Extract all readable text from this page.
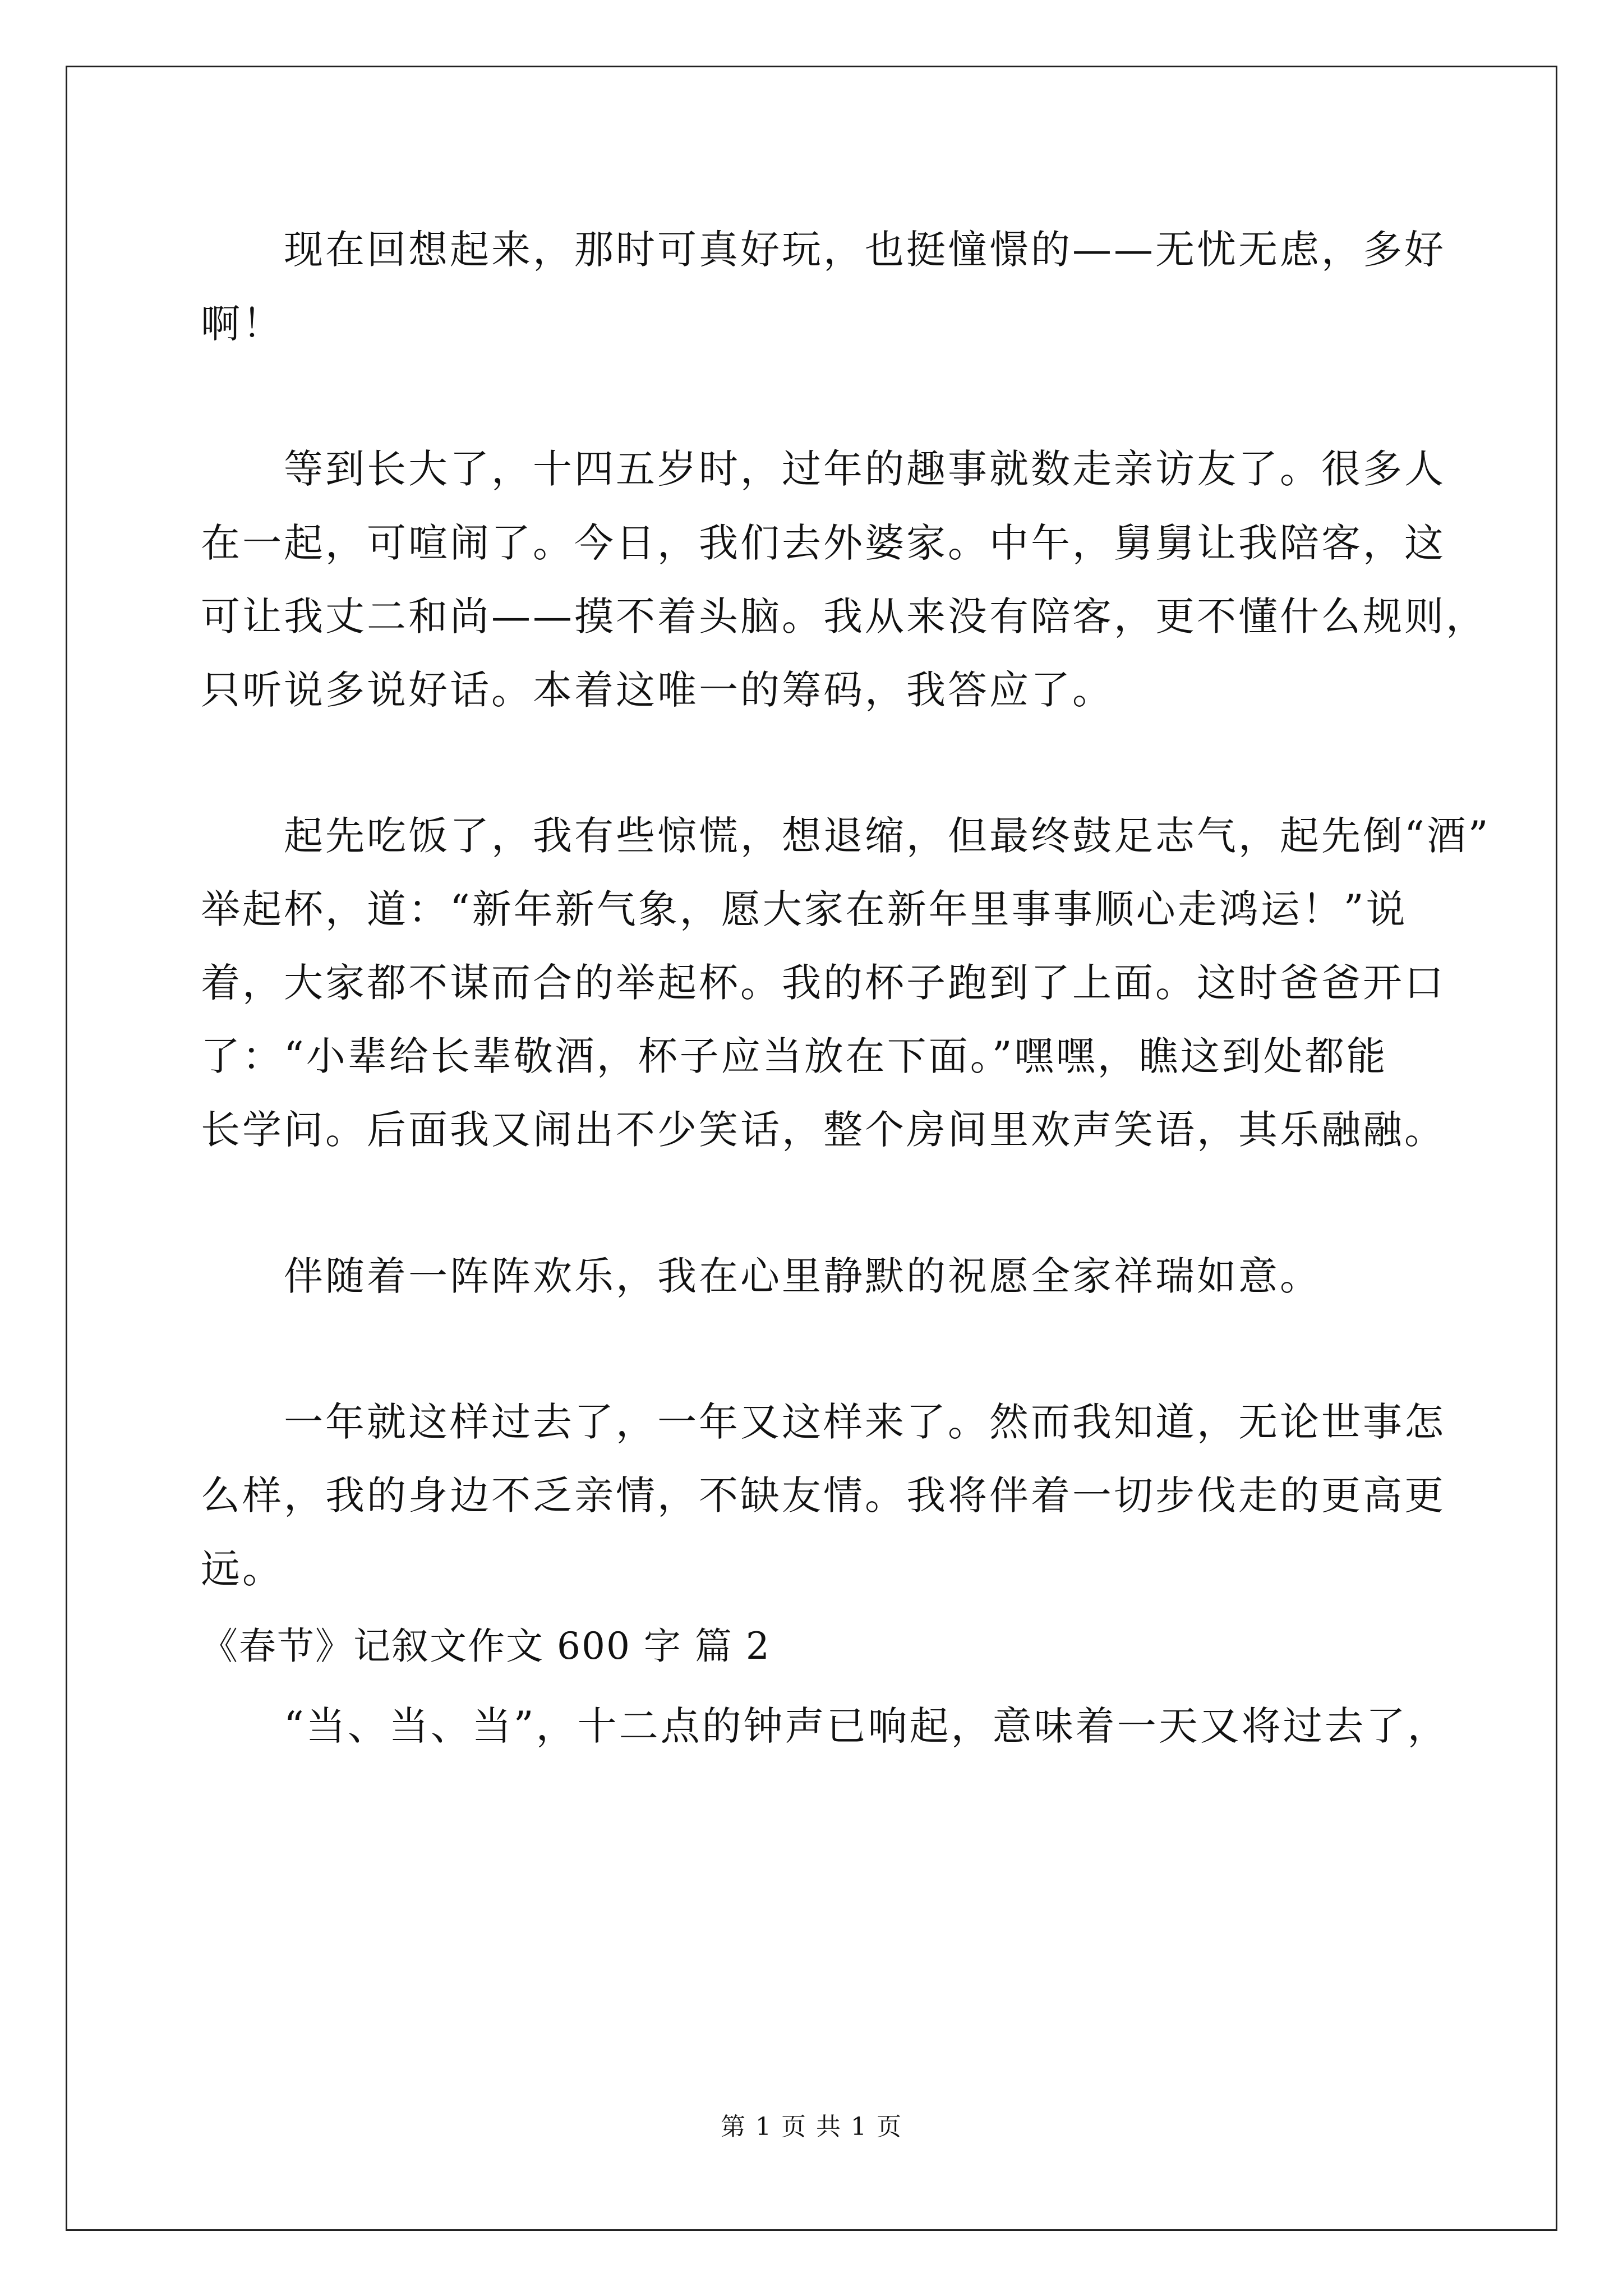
现在回想起来，那时可真好玩，也挺憧憬的——无忧无虑，多好
啊！
等到长大了，十四五岁时，过年的趣事就数走亲访友了。很多人
在一起，可喧闹了。今日，我们去外婆家。中午，舅舅让我陪客，这
可让我丈二和尚——摸不着头脑。我从来没有陪客，更不懂什么规则，
只听说多说好话。本着这唯一的筹码，我答应了。
起先吃饭了，我有些惊慌，想退缩，但最终鼓足志气，起先倒“酒”
举起杯，道：“新年新气象，愿大家在新年里事事顺心走鸿运！”说
着，大家都不谋而合的举起杯。我的杯子跑到了上面。这时爸爸开口
了：“小辈给长辈敬酒，杯子应当放在下面。”嘿嘿，瞧这到处都能
长学问。后面我又闹出不少笑话，整个房间里欢声笑语，其乐融融。
伴随着一阵阵欢乐，我在心里静默的祝愿全家祥瑞如意。
一年就这样过去了，一年又这样来了。然而我知道，无论世事怎
么样，我的身边不乏亲情，不缺友情。我将伴着一切步伐走的更高更
远。
《春节》记叙文作文 600 字 篇 2
“当、当、当”，十二点的钟声已响起，意味着一天又将过去了，
第 1 页 共 1 页
